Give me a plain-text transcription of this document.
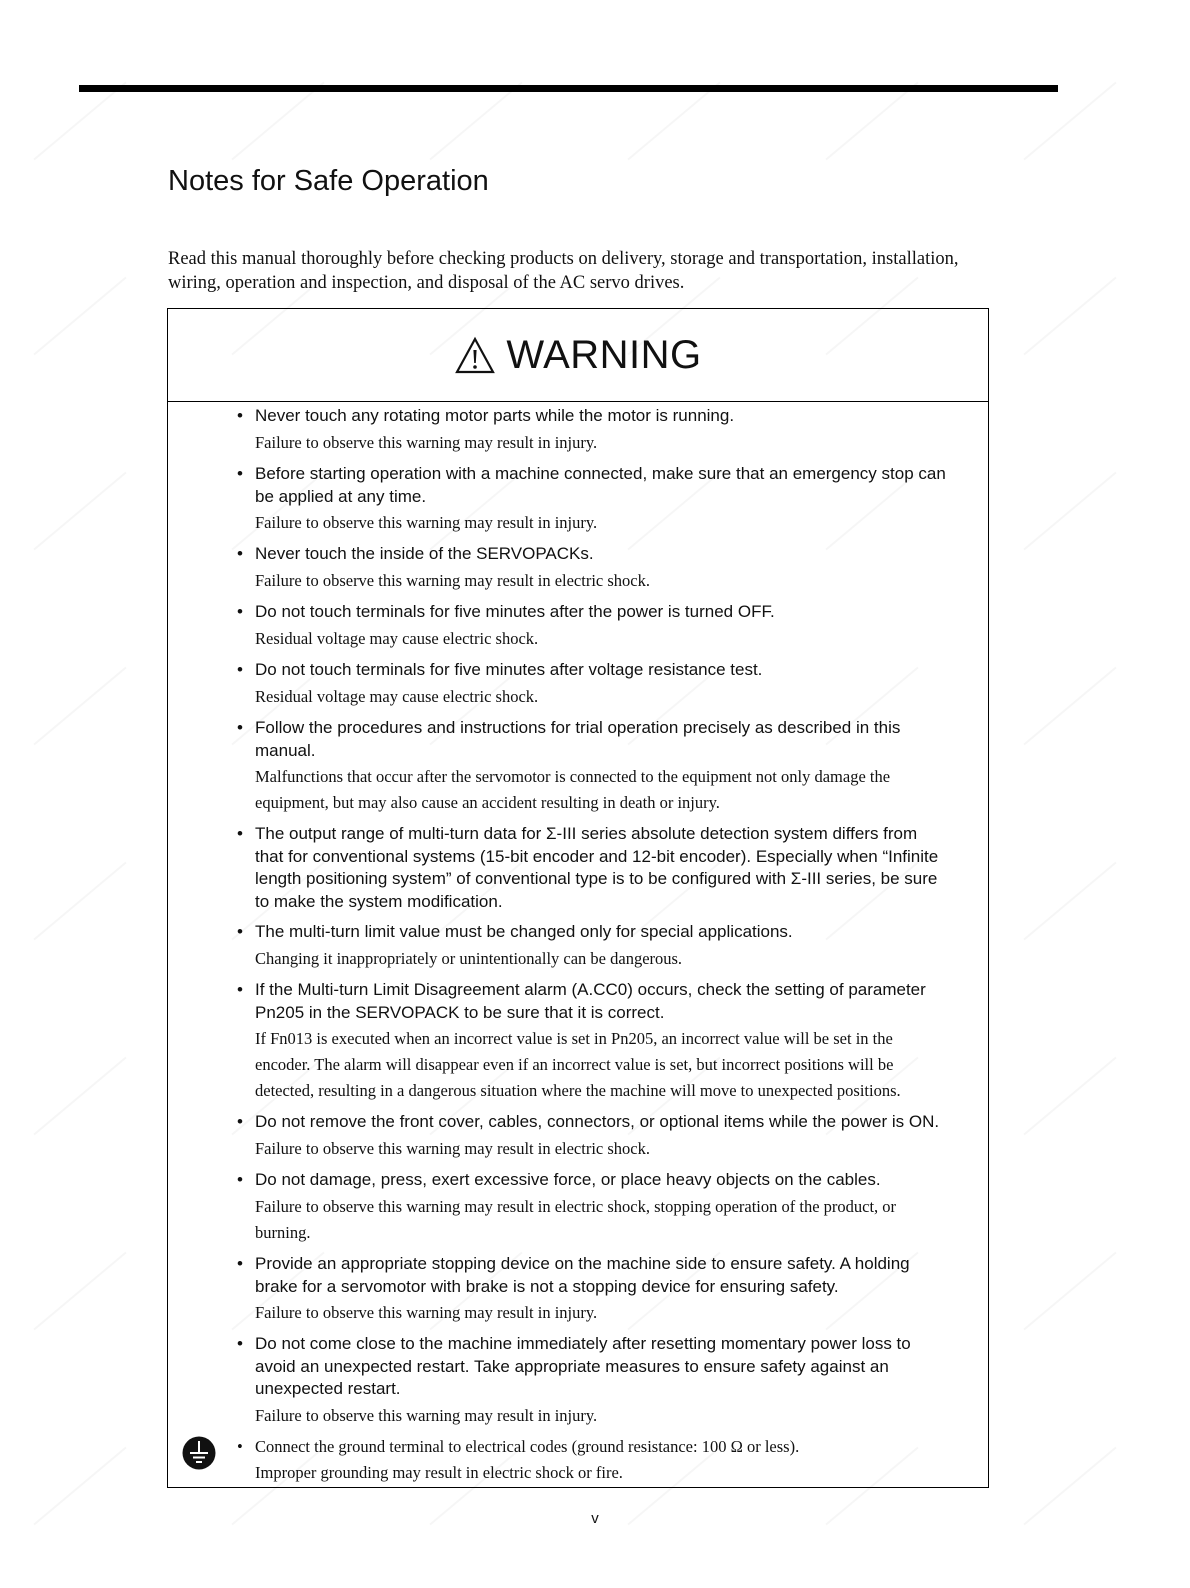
Notes for Safe Operation
Read this manual thoroughly before checking products on delivery, storage and transportation, installation,
wiring, operation and inspection, and disposal of the AC servo drives.
WARNING
• Never touch any rotating motor parts while the motor is running.
Failure to observe this warning may result in injury.
• Before starting operation with a machine connected, make sure that an emergency stop can
be applied at any time.
Failure to observe this warning may result in injury.
• Never touch the inside of the SERVOPACKs.
Failure to observe this warning may result in electric shock.
• Do not touch terminals for five minutes after the power is turned OFF.
Residual voltage may cause electric shock.
• Do not touch terminals for five minutes after voltage resistance test.
Residual voltage may cause electric shock.
• Follow the procedures and instructions for trial operation precisely as described in this
manual.
Malfunctions that occur after the servomotor is connected to the equipment not only damage the
equipment, but may also cause an accident resulting in death or injury.
• The output range of multi-turn data for Σ-III series absolute detection system differs from
that for conventional systems (15-bit encoder and 12-bit encoder). Especially when “Infinite
length positioning system” of conventional type is to be configured with Σ-III series, be sure
to make the system modification.
• The multi-turn limit value must be changed only for special applications.
Changing it inappropriately or unintentionally can be dangerous.
• If the Multi-turn Limit Disagreement alarm (A.CC0) occurs, check the setting of parameter
Pn205 in the SERVOPACK to be sure that it is correct.
If Fn013 is executed when an incorrect value is set in Pn205, an incorrect value will be set in the
encoder. The alarm will disappear even if an incorrect value is set, but incorrect positions will be
detected, resulting in a dangerous situation where the machine will move to unexpected positions.
• Do not remove the front cover, cables, connectors, or optional items while the power is ON.
Failure to observe this warning may result in electric shock.
• Do not damage, press, exert excessive force, or place heavy objects on the cables.
Failure to observe this warning may result in electric shock, stopping operation of the product, or
burning.
• Provide an appropriate stopping device on the machine side to ensure safety. A holding
brake for a servomotor with brake is not a stopping device for ensuring safety.
Failure to observe this warning may result in injury.
• Do not come close to the machine immediately after resetting momentary power loss to
avoid an unexpected restart. Take appropriate measures to ensure safety against an
unexpected restart.
Failure to observe this warning may result in injury.
• Connect the ground terminal to electrical codes (ground resistance: 100 Ω or less).
Improper grounding may result in electric shock or fire.
v
